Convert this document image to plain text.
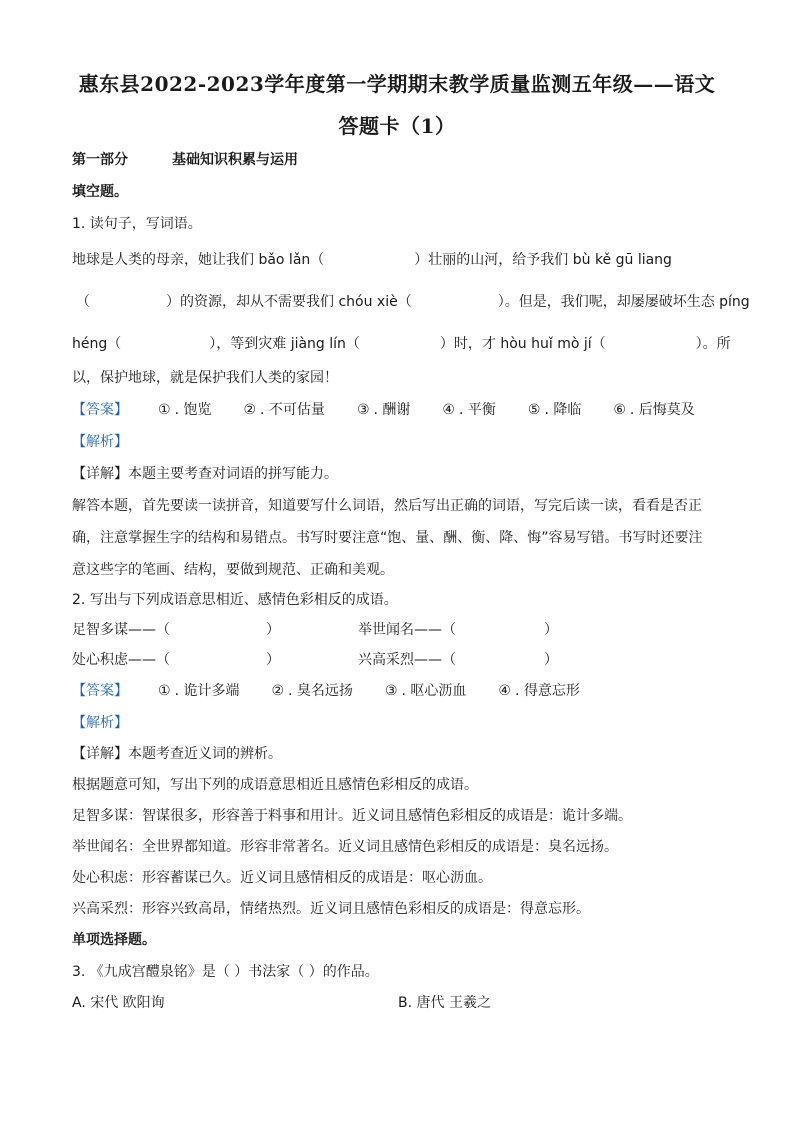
惠东县2022-2023学年度第一学期期末教学质量监测五年级——语文
答题卡（1）
第一部分	基础知识积累与运用
填空题。
1. 读句子，写词语。
地球是人类的母亲，她让我们 bǎo lǎn（	）壮丽的山河，给予我们 bù kě gū liang
（	）的资源，却从不需要我们 chóu xiè（	）。但是，我们呢，却屡屡破坏生态 píng
héng（	），等到灾难 jiàng lín（	）时，才 hòu huǐ mò jí（	）。所
以，保护地球，就是保护我们人类的家园！
【答案】 ① . 饱览 ② . 不可估量 ③ . 酬谢 ④ . 平衡 ⑤ . 降临 ⑥ . 后悔莫及
【解析】
【详解】本题主要考查对词语的拼写能力。
解答本题，首先要读一读拼音，知道要写什么词语，然后写出正确的词语，写完后读一读，看看是否正
确，注意掌握生字的结构和易错点。书写时要注意“饱、量、酬、衡、降、悔”容易写错。书写时还要注
意这些字的笔画、结构，要做到规范、正确和美观。
2. 写出与下列成语意思相近、感情色彩相反的成语。
足智多谋——（	）	举世闻名——（	）
处心积虑——（	）	兴高采烈——（	）
【答案】 ① . 诡计多端 ② . 臭名远扬 ③ . 呕心沥血 ④ . 得意忘形
【解析】
【详解】本题考查近义词的辨析。
根据题意可知，写出下列的成语意思相近且感情色彩相反的成语。
足智多谋：智谋很多，形容善于料事和用计。近义词且感情色彩相反的成语是：诡计多端。
举世闻名：全世界都知道。形容非常著名。近义词且感情色彩相反的成语是：臭名远扬。
处心积虑：形容蓄谋已久。近义词且感情相反的成语是：呕心沥血。
兴高采烈：形容兴致高昂，情绪热烈。近义词且感情色彩相反的成语是：得意忘形。
单项选择题。
3. 《九成宫醴泉铭》是（ ）书法家（ ）的作品。
A. 宋代 欧阳询	B. 唐代 王羲之
